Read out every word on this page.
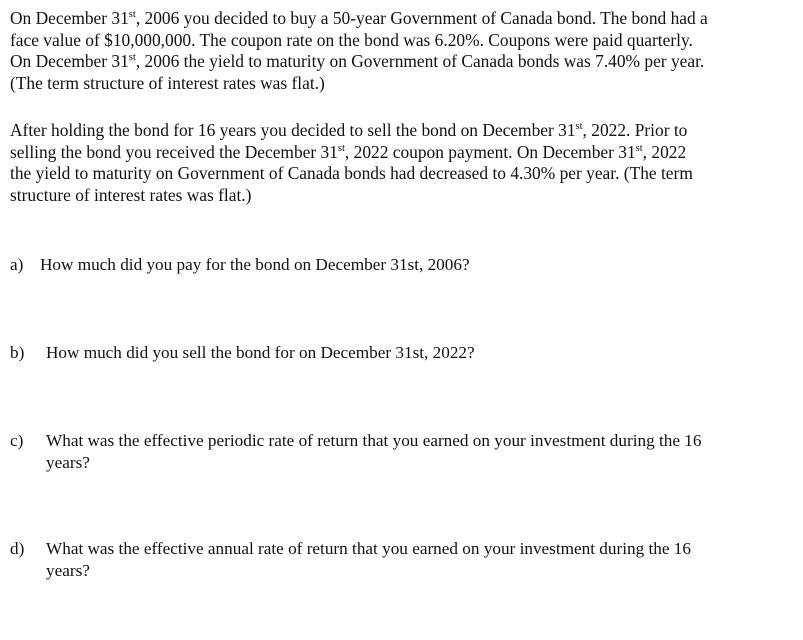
On December 31st, 2006 you decided to buy a 50-year Government of Canada bond. The bond had a
face value of $10,000,000. The coupon rate on the bond was 6.20%. Coupons were paid quarterly.
On December 31st, 2006 the yield to maturity on Government of Canada bonds was 7.40% per year.
(The term structure of interest rates was flat.)
After holding the bond for 16 years you decided to sell the bond on December 31st, 2022. Prior to
selling the bond you received the December 31st, 2022 coupon payment. On December 31st, 2022
the yield to maturity on Government of Canada bonds had decreased to 4.30% per year. (The term
structure of interest rates was flat.)
a) How much did you pay for the bond on December 31st, 2006?
b) How much did you sell the bond for on December 31st, 2022?
c) What was the effective periodic rate of return that you earned on your investment during the 16
years?
d) What was the effective annual rate of return that you earned on your investment during the 16
years?
